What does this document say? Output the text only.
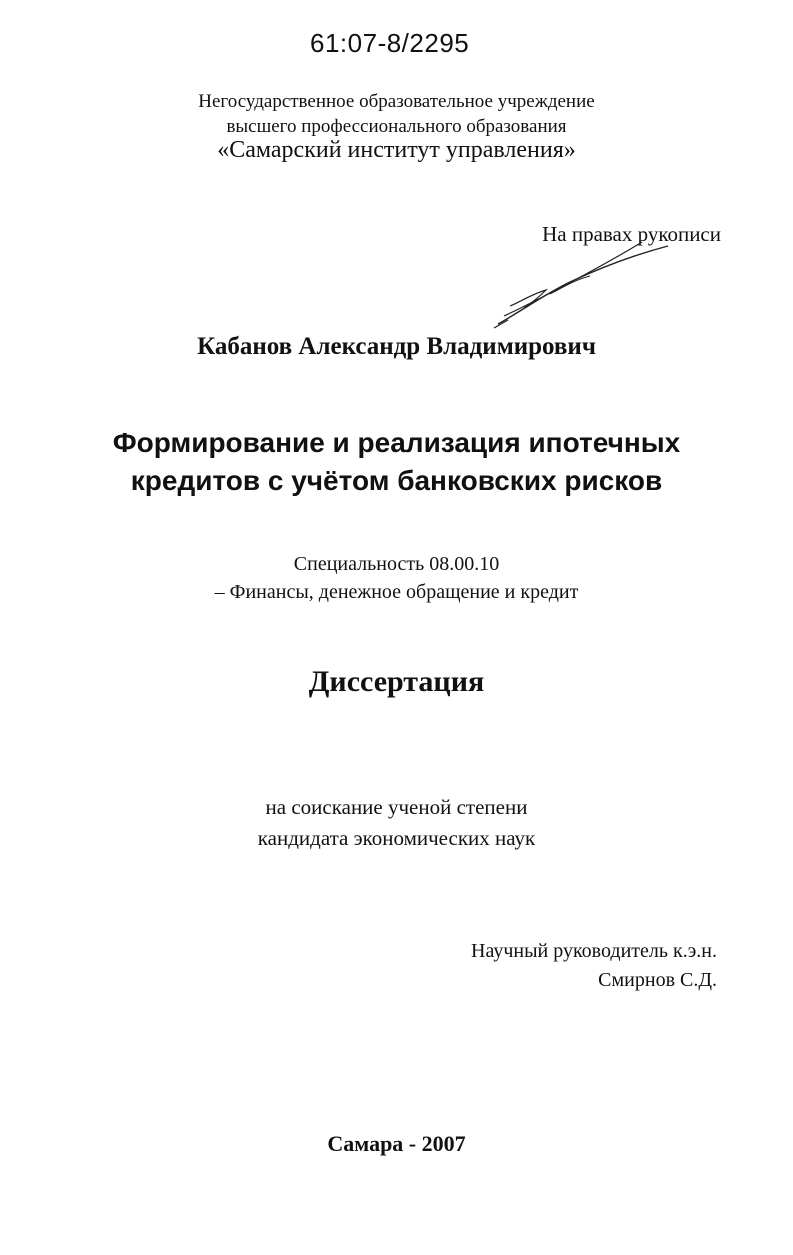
61:07-8/2295
Негосударственное образовательное учреждение
высшего профессионального образования
«Самарский институт управления»
На правах рукописи
Кабанов Александр Владимирович
Формирование и реализация ипотечных
кредитов с учётом банковских рисков
Специальность 08.00.10
– Финансы, денежное обращение и кредит
Диссертация
на соискание ученой степени
кандидата экономических наук
Научный руководитель к.э.н.
Смирнов С.Д.
Самара - 2007
